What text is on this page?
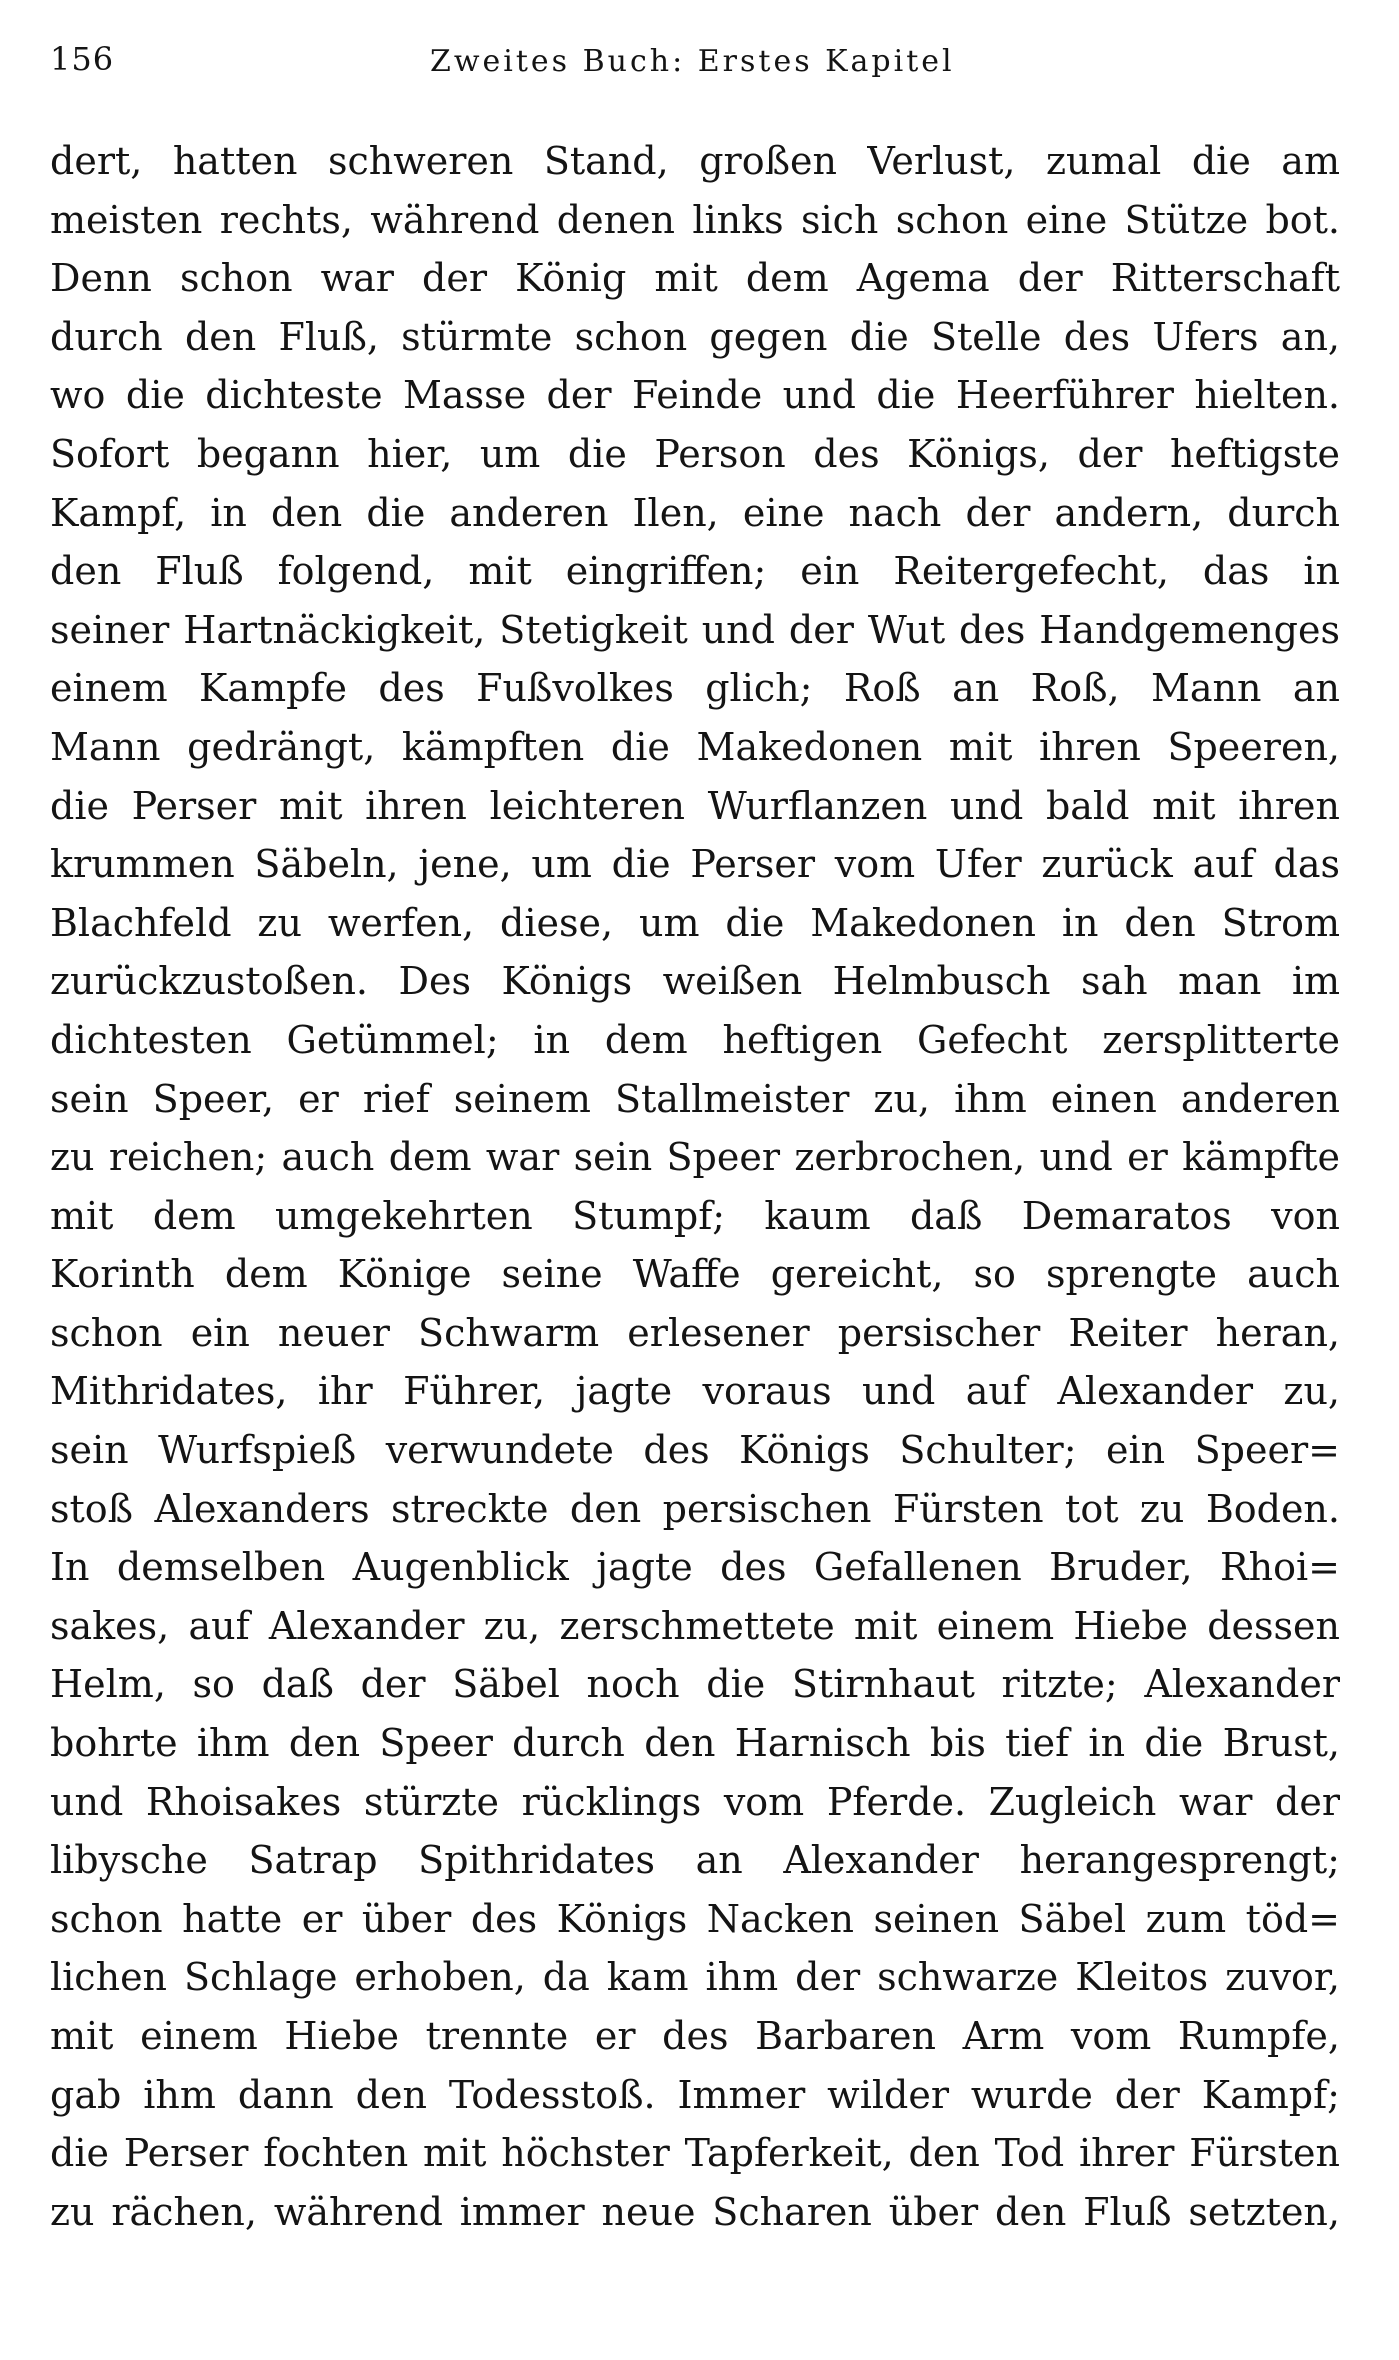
156	Zweites Buch: Erstes Kapitel
dert, hatten schweren Stand, großen Verlust, zumal die am
meisten rechts, während denen links sich schon eine Stütze bot.
Denn schon war der König mit dem Agema der Ritterschaft
durch den Fluß, stürmte schon gegen die Stelle des Ufers an,
wo die dichteste Masse der Feinde und die Heerführer hielten.
Sofort begann hier, um die Person des Königs, der heftigste
Kampf, in den die anderen Ilen, eine nach der andern, durch
den Fluß folgend, mit eingriffen; ein Reitergefecht, das in
seiner Hartnäckigkeit, Stetigkeit und der Wut des Handgemenges
einem Kampfe des Fußvolkes glich; Roß an Roß, Mann an
Mann gedrängt, kämpften die Makedonen mit ihren Speeren,
die Perser mit ihren leichteren Wurflanzen und bald mit ihren
krummen Säbeln, jene, um die Perser vom Ufer zurück auf das
Blachfeld zu werfen, diese, um die Makedonen in den Strom
zurückzustoßen. Des Königs weißen Helmbusch sah man im
dichtesten Getümmel; in dem heftigen Gefecht zersplitterte
sein Speer, er rief seinem Stallmeister zu, ihm einen anderen
zu reichen; auch dem war sein Speer zerbrochen, und er kämpfte
mit dem umgekehrten Stumpf; kaum daß Demaratos von
Korinth dem Könige seine Waffe gereicht, so sprengte auch
schon ein neuer Schwarm erlesener persischer Reiter heran,
Mithridates, ihr Führer, jagte voraus und auf Alexander zu,
sein Wurfspieß verwundete des Königs Schulter; ein Speer=
stoß Alexanders streckte den persischen Fürsten tot zu Boden.
In demselben Augenblick jagte des Gefallenen Bruder, Rhoi=
sakes, auf Alexander zu, zerschmettete mit einem Hiebe dessen
Helm, so daß der Säbel noch die Stirnhaut ritzte; Alexander
bohrte ihm den Speer durch den Harnisch bis tief in die Brust,
und Rhoisakes stürzte rücklings vom Pferde. Zugleich war der
libysche Satrap Spithridates an Alexander herangesprengt;
schon hatte er über des Königs Nacken seinen Säbel zum töd=
lichen Schlage erhoben, da kam ihm der schwarze Kleitos zuvor,
mit einem Hiebe trennte er des Barbaren Arm vom Rumpfe,
gab ihm dann den Todesstoß. Immer wilder wurde der Kampf;
die Perser fochten mit höchster Tapferkeit, den Tod ihrer Fürsten
zu rächen, während immer neue Scharen über den Fluß setzten,
